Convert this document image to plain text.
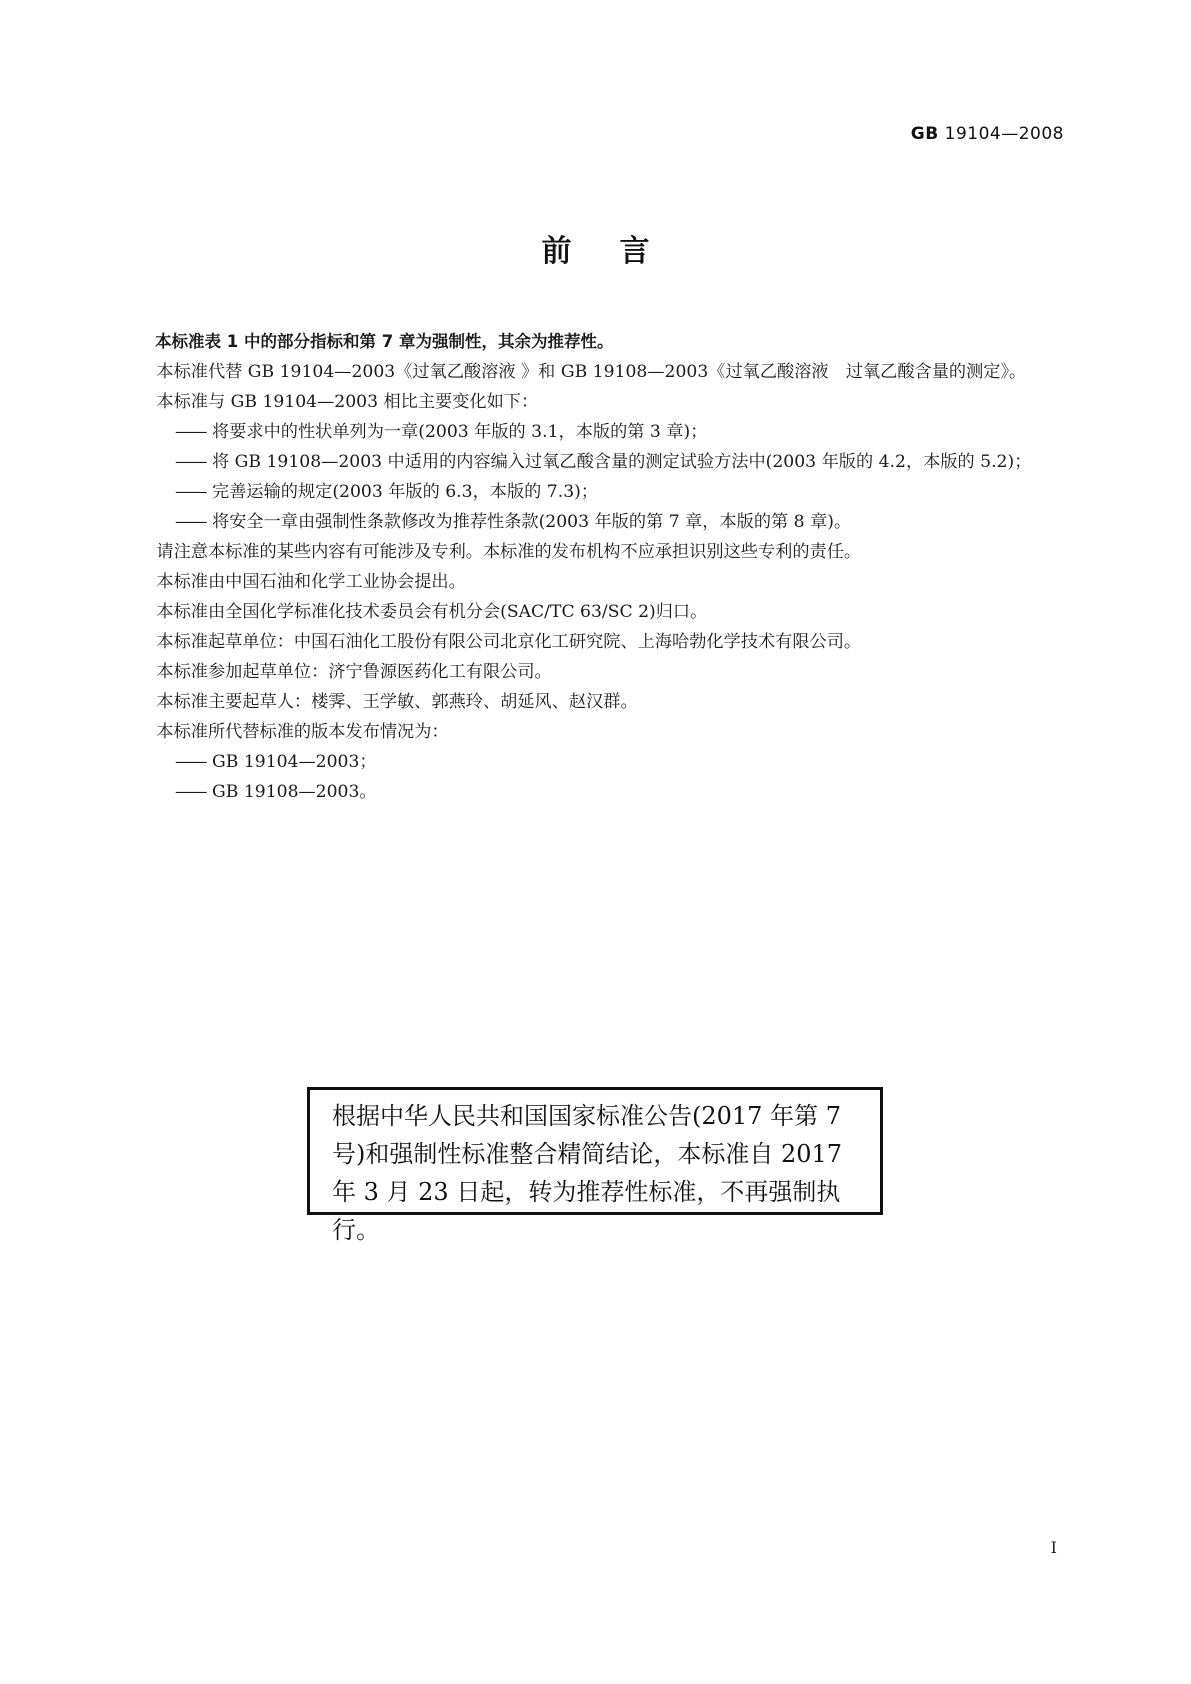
GB 19104—2008
前言

本标准表 1 中的部分指标和第 7 章为强制性，其余为推荐性。

本标准代替 GB 19104—2003《过氧乙酸溶液 》和 GB 19108—2003《过氧乙酸溶液　过氧乙酸含量的测定》。

本标准与 GB 19104—2003 相比主要变化如下：

—— 将要求中的性状单列为一章(2003 年版的 3.1，本版的第 3 章)；

—— 将 GB 19108—2003 中适用的内容编入过氧乙酸含量的测定试验方法中(2003 年版的 4.2，本版的 5.2)；

—— 完善运输的规定(2003 年版的 6.3，本版的 7.3)；

—— 将安全一章由强制性条款修改为推荐性条款(2003 年版的第 7 章，本版的第 8 章)。

请注意本标准的某些内容有可能涉及专利。本标准的发布机构不应承担识别这些专利的责任。

本标准由中国石油和化学工业协会提出。

本标准由全国化学标准化技术委员会有机分会(SAC/TC 63/SC 2)归口。

本标准起草单位：中国石油化工股份有限公司北京化工研究院、上海哈勃化学技术有限公司。

本标准参加起草单位：济宁鲁源医药化工有限公司。

本标准主要起草人：楼霁、王学敏、郭燕玲、胡延风、赵汉群。

本标准所代替标准的版本发布情况为：

—— GB 19104—2003；

—— GB 19108—2003。

根据中华人民共和国国家标准公告(2017 年第 7 号)和强制性标准整合精简结论，本标准自 2017 年 3 月 23 日起，转为推荐性标准，不再强制执行。
I
